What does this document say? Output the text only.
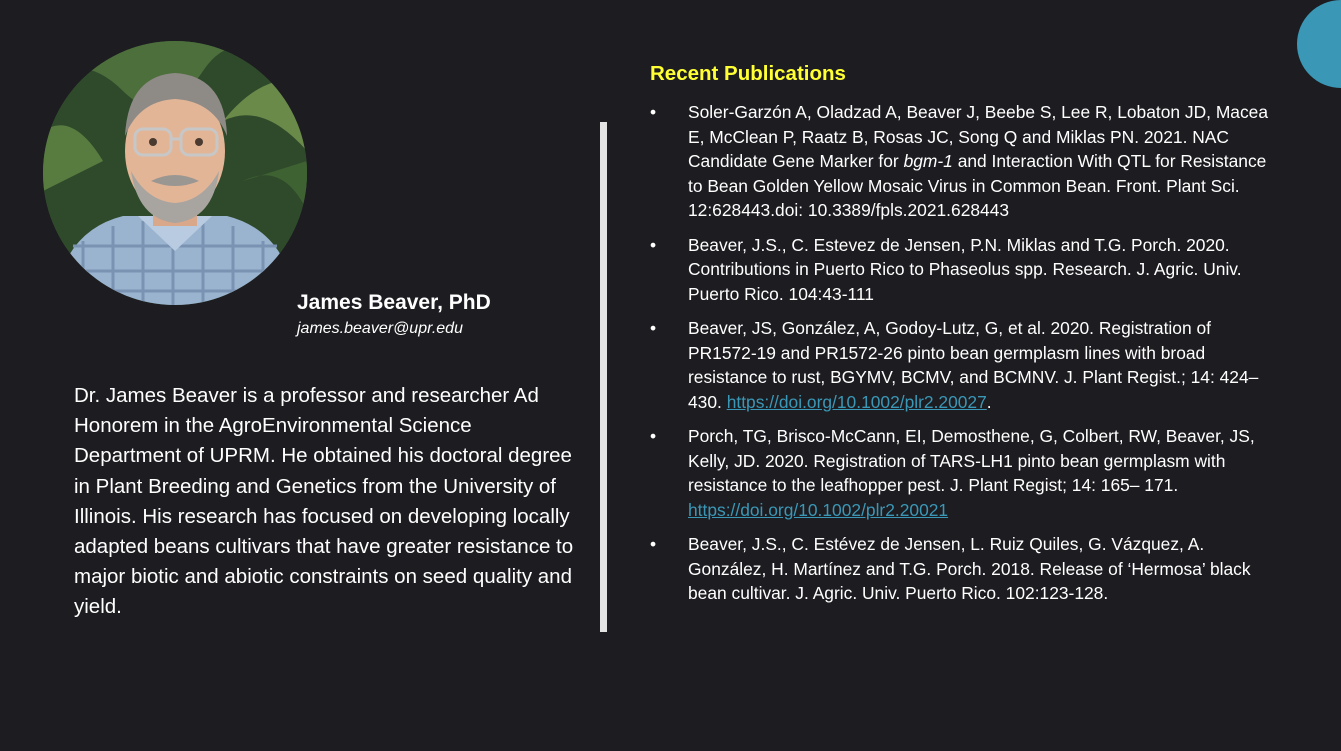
James Beaver, PhD
james.beaver@upr.edu

Dr. James Beaver is a professor and researcher Ad Honorem in the AgroEnvironmental Science Department of UPRM. He obtained his doctoral degree in Plant Breeding and Genetics from the University of Illinois. His research has focused on developing locally adapted beans cultivars that have greater resistance to major biotic and abiotic constraints on seed quality and yield.

Recent Publications
• Soler-Garzón A, Oladzad A, Beaver J, Beebe S, Lee R, Lobaton JD, Macea E, McClean P, Raatz B, Rosas JC, Song Q and Miklas PN. 2021. NAC Candidate Gene Marker for bgm-1 and Interaction With QTL for Resistance to Bean Golden Yellow Mosaic Virus in Common Bean. Front. Plant Sci. 12:628443.doi: 10.3389/fpls.2021.628443
• Beaver, J.S., C. Estevez de Jensen, P.N. Miklas and T.G. Porch. 2020. Contributions in Puerto Rico to Phaseolus spp. Research. J. Agric. Univ. Puerto Rico. 104:43-111
• Beaver, JS, González, A, Godoy-Lutz, G, et al. 2020. Registration of PR1572-19 and PR1572-26 pinto bean germplasm lines with broad resistance to rust, BGYMV, BCMV, and BCMNV. J. Plant Regist.; 14: 424– 430. https://doi.org/10.1002/plr2.20027.
• Porch, TG, Brisco-McCann, EI, Demosthene, G, Colbert, RW, Beaver, JS, Kelly, JD. 2020. Registration of TARS-LH1 pinto bean germplasm with resistance to the leafhopper pest. J. Plant Regist; 14: 165– 171. https://doi.org/10.1002/plr2.20021
• Beaver, J.S., C. Estévez de Jensen, L. Ruiz Quiles, G. Vázquez, A. González, H. Martínez and T.G. Porch. 2018. Release of ‘Hermosa’ black bean cultivar. J. Agric. Univ. Puerto Rico. 102:123-128.
